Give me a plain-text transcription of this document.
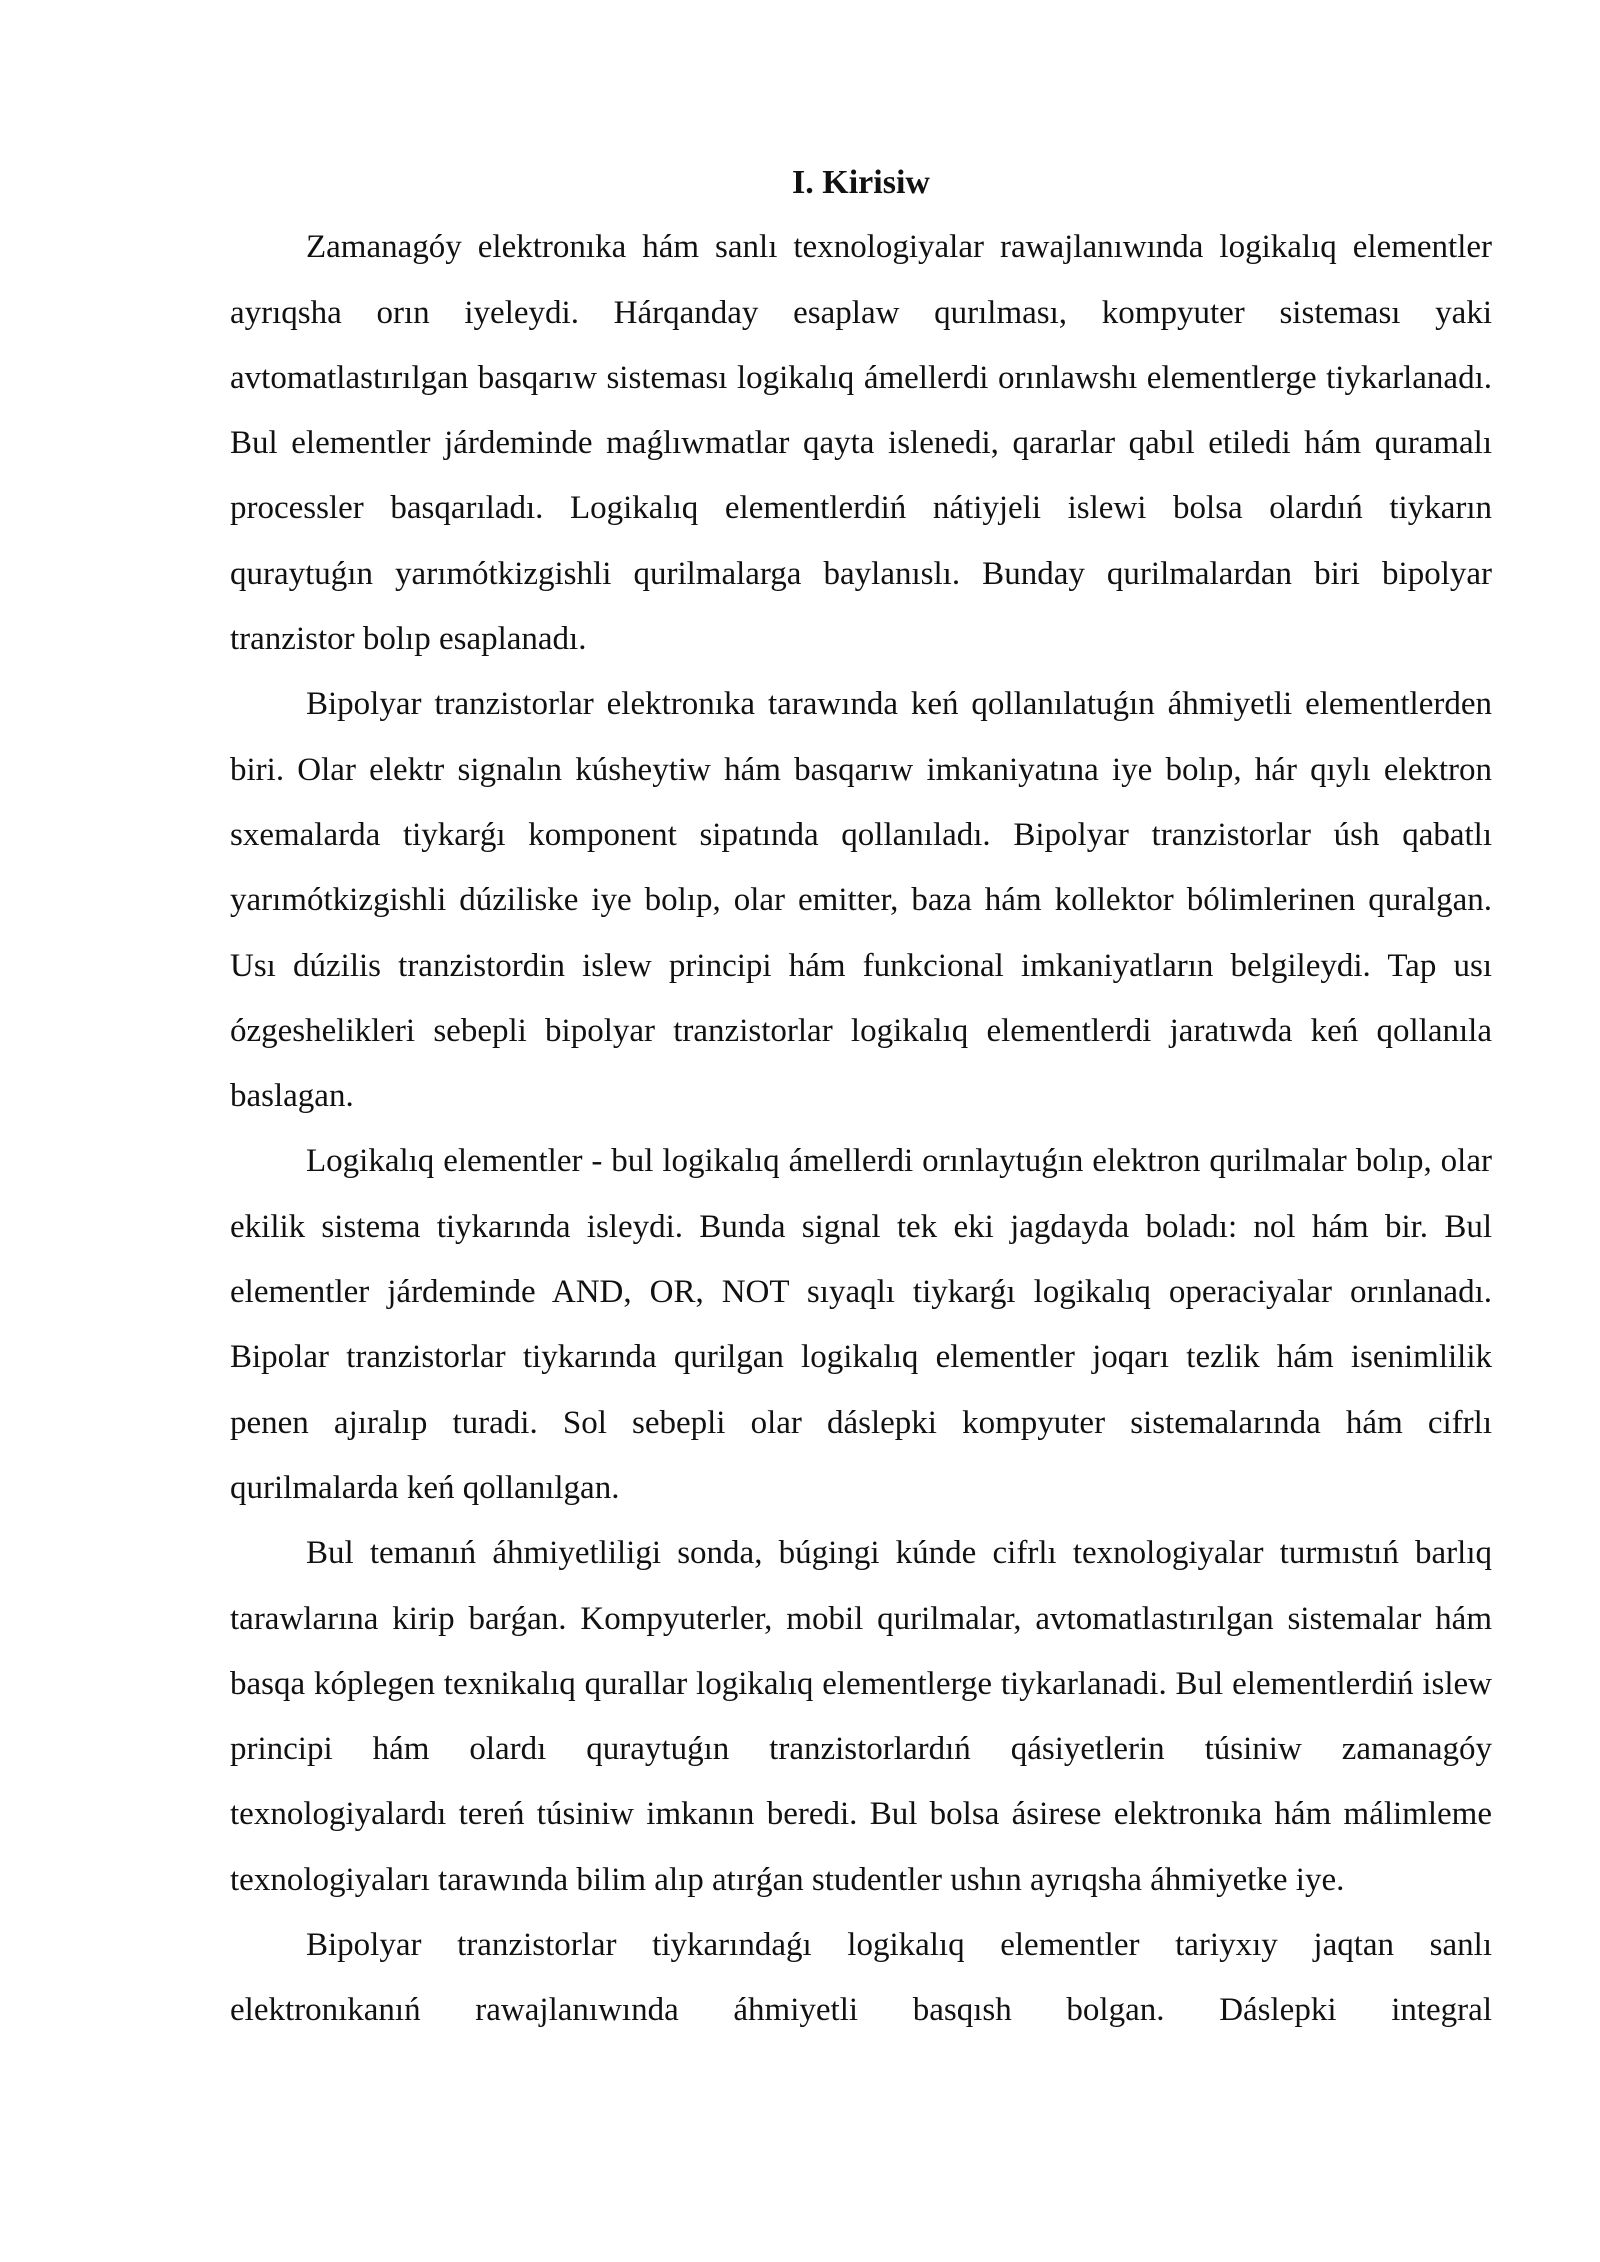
I. Kirisiw

Zamanagóy elektronıka hám sanlı texnologiyalar rawajlanıwında logikalıq elementler ayrıqsha orın iyeleydi. Hárqanday esaplaw qurılması, kompyuter sisteması yaki avtomatlastırılgan basqarıw sisteması logikalıq ámellerdi orınlawshı elementlerge tiykarlanadı. Bul elementler járdeminde maǵlıwmatlar qayta islenedi, qararlar qabıl etiledi hám quramalı processler basqarıladı. Logikalıq elementlerdiń nátiyjeli islewi bolsa olardıń tiykarın quraytuǵın yarımótkizgishli qurilmalarga baylanıslı. Bunday qurilmalardan biri bipolyar tranzistor bolıp esaplanadı.

Bipolyar tranzistorlar elektronıka tarawında keń qollanılatuǵın áhmiyetli elementlerden biri. Olar elektr signalın kúsheytiw hám basqarıw imkaniyatına iye bolıp, hár qıylı elektron sxemalarda tiykarǵı komponent sipatında qollanıladı. Bipolyar tranzistorlar úsh qabatlı yarımótkizgishli dúziliske iye bolıp, olar emitter, baza hám kollektor bólimlerinen quralgan. Usı dúzilis tranzistordin islew principi hám funkcional imkaniyatların belgileydi. Tap usı ózgeshelikleri sebepli bipolyar tranzistorlar logikalıq elementlerdi jaratıwda keń qollanıla baslagan.

Logikalıq elementler - bul logikalıq ámellerdi orınlaytuǵın elektron qurilmalar bolıp, olar ekilik sistema tiykarında isleydi. Bunda signal tek eki jagdayda boladı: nol hám bir. Bul elementler járdeminde AND, OR, NOT sıyaqlı tiykarǵı logikalıq operaciyalar orınlanadı. Bipolar tranzistorlar tiykarında qurilgan logikalıq elementler joqarı tezlik hám isenimlilik penen ajıralıp turadi. Sol sebepli olar dáslepki kompyuter sistemalarında hám cifrlı qurilmalarda keń qollanılgan.

Bul temanıń áhmiyetliligi sonda, búgingi kúnde cifrlı texnologiyalar turmıstıń barlıq tarawlarına kirip barǵan. Kompyuterler, mobil qurilmalar, avtomatlastırılgan sistemalar hám basqa kóplegen texnikalıq qurallar logikalıq elementlerge tiykarlanadi. Bul elementlerdiń islew principi hám olardı quraytuǵın tranzistorlardıń qásiyetlerin túsiniw zamanagóy texnologiyalardı tereń túsiniw imkanın beredi. Bul bolsa ásirese elektronıka hám málimleme texnologiyaları tarawında bilim alıp atırǵan studentler ushın ayrıqsha áhmiyetke iye.

Bipolyar tranzistorlar tiykarındaǵı logikalıq elementler tariyxıy jaqtan sanlı elektronıkanıń rawajlanıwında áhmiyetli basqısh bolgan. Dáslepki integral
